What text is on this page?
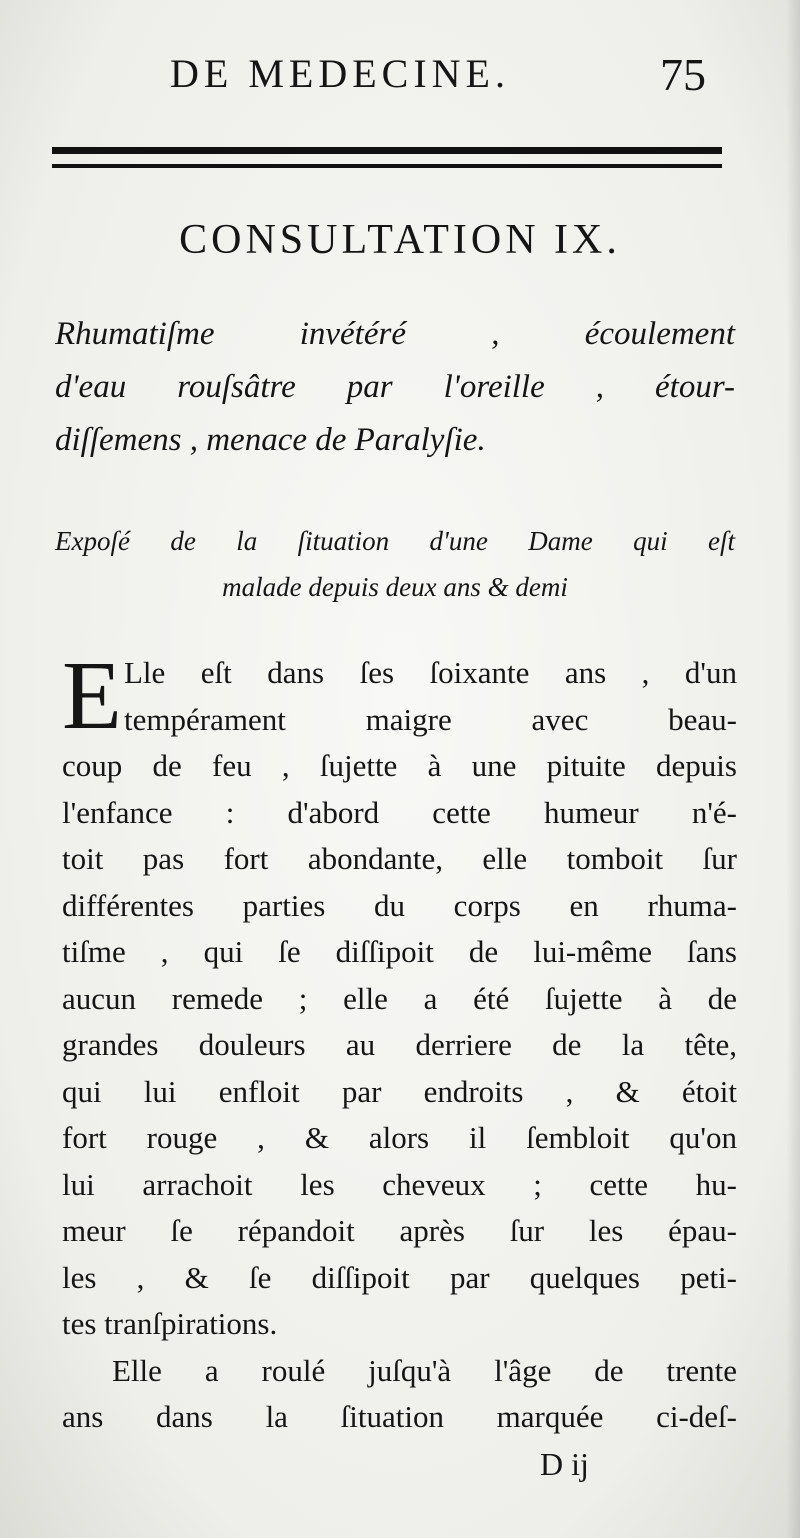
DE MEDECINE.	75
CONSULTATION IX.
Rhumatiſme invétéré , écoulement
d'eau rouſsâtre par l'oreille , étour-
diſſemens , menace de Paralyſie.
Expoſé de la ſituation d'une Dame qui eſt
malade depuis deux ans & demi
E Lle eſt dans ſes ſoixante ans , d'un
tempérament maigre avec beau-
coup de feu , ſujette à une pituite depuis
l'enfance : d'abord cette humeur n'é-
toit pas fort abondante, elle tomboit ſur
différentes parties du corps en rhuma-
tiſme , qui ſe diſſipoit de lui-même ſans
aucun remede ; elle a été ſujette à de
grandes douleurs au derriere de la tête,
qui lui enfloit par endroits , & étoit
fort rouge , & alors il ſembloit qu'on
lui arrachoit les cheveux ; cette hu-
meur ſe répandoit après ſur les épau-
les , & ſe diſſipoit par quelques peti-
tes tranſpirations.
Elle a roulé juſqu'à l'âge de trente
ans dans la ſituation marquée ci-deſ-
D ij
